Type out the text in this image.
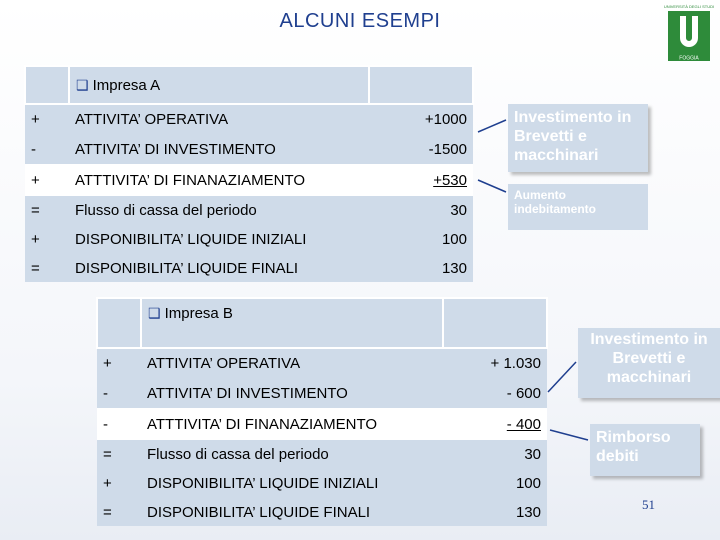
ALCUNI ESEMPI
UNIVERSITÀ DEGLI STUDI
FOGGIA
	❑ Impresa A	
+	ATTIVITA’ OPERATIVA	+1000
-	ATTIVITA’ DI INVESTIMENTO	-1500
+	ATTTIVITA’ DI FINANAZIAMENTO	+530
=	Flusso di cassa del periodo	30
+	DISPONIBILITA’ LIQUIDE INIZIALI	100
=	DISPONIBILITA’ LIQUIDE FINALI	130
Investimento in Brevetti e macchinari
Aumento indebitamento
	❑ Impresa B	
+	ATTIVITA’ OPERATIVA	+ 1.030
-	ATTIVITA’ DI INVESTIMENTO	- 600
-	ATTTIVITA’ DI FINANAZIAMENTO	- 400
=	Flusso di cassa del periodo	30
+	DISPONIBILITA’ LIQUIDE INIZIALI	100
=	DISPONIBILITA’ LIQUIDE FINALI	130
Investimento in Brevetti e macchinari
Rimborso debiti
51
